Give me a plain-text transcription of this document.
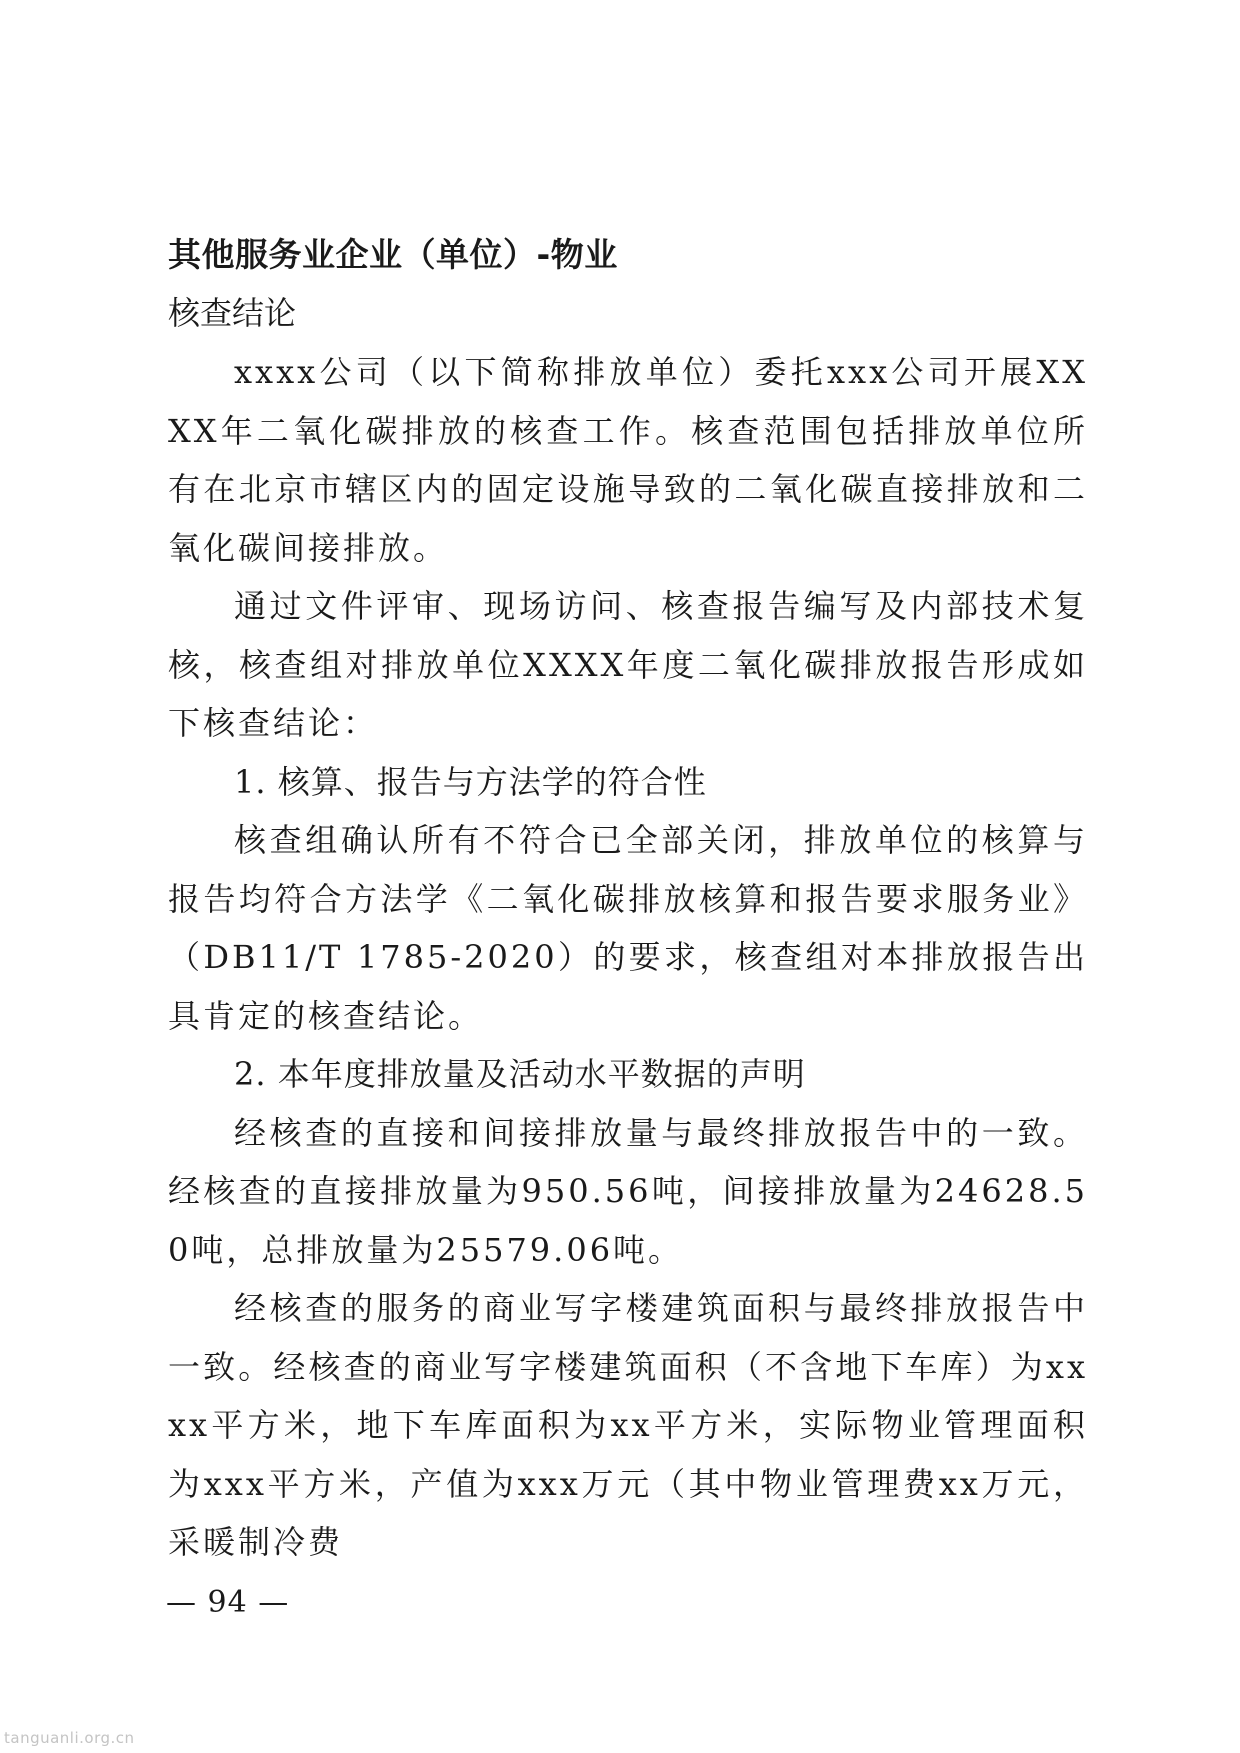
其他服务业企业（单位）-物业
核查结论

xxxx公司（以下简称排放单位）委托xxx公司开展XXXX年二氧化碳排放的核查工作。核查范围包括排放单位所有在北京市辖区内的固定设施导致的二氧化碳直接排放和二氧化碳间接排放。

通过文件评审、现场访问、核查报告编写及内部技术复核，核查组对排放单位XXXX年度二氧化碳排放报告形成如下核查结论：

1. 核算、报告与方法学的符合性

核查组确认所有不符合已全部关闭，排放单位的核算与报告均符合方法学《二氧化碳排放核算和报告要求服务业》（DB11/T 1785-2020）的要求，核查组对本排放报告出具肯定的核查结论。

2. 本年度排放量及活动水平数据的声明

经核查的直接和间接排放量与最终排放报告中的一致。经核查的直接排放量为950.56吨，间接排放量为24628.50吨，总排放量为25579.06吨。

经核查的服务的商业写字楼建筑面积与最终排放报告中一致。经核查的商业写字楼建筑面积（不含地下车库）为xxxx平方米，地下车库面积为xx平方米，实际物业管理面积为xxx平方米，产值为xxx万元（其中物业管理费xx万元，采暖制冷费

— 94 —
tanguanli.org.cn
